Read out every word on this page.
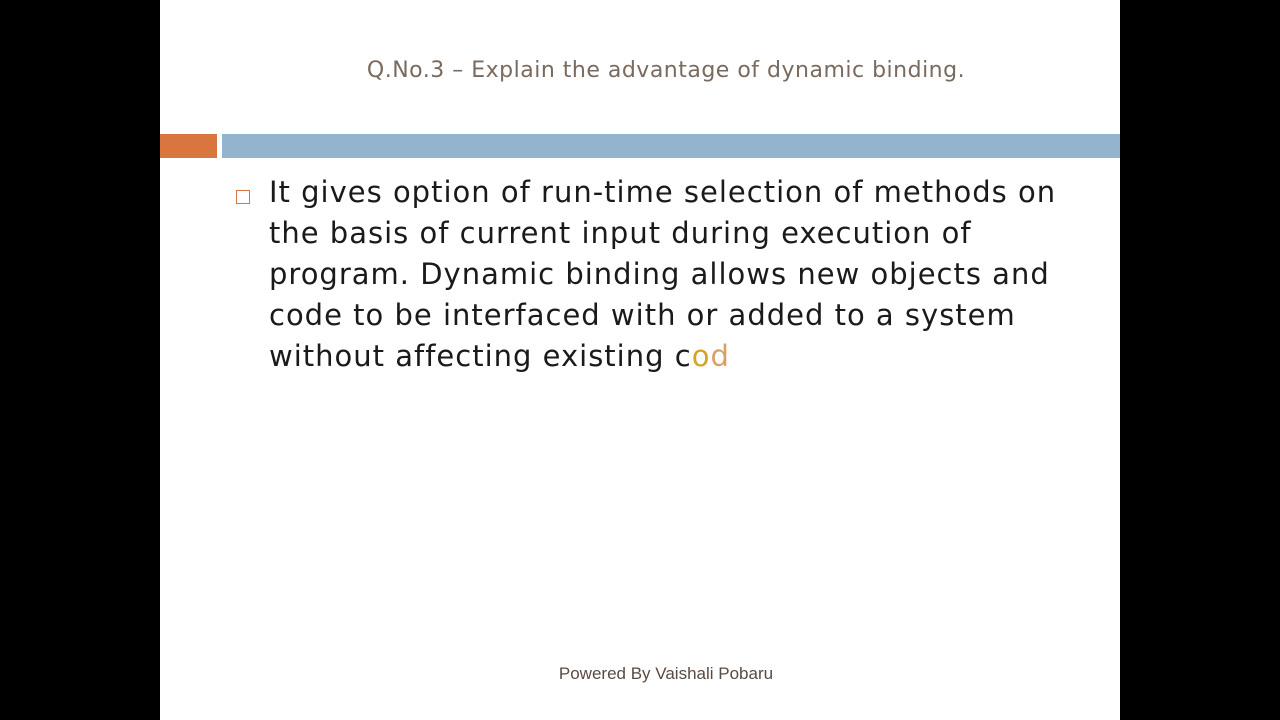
Q.No.3 – Explain the advantage of dynamic binding.
It gives option of run-time selection of methods on the basis of current input during execution of program. Dynamic binding allows new objects and code to be interfaced with or added to a system without affecting existing cod
Powered By Vaishali Pobaru
